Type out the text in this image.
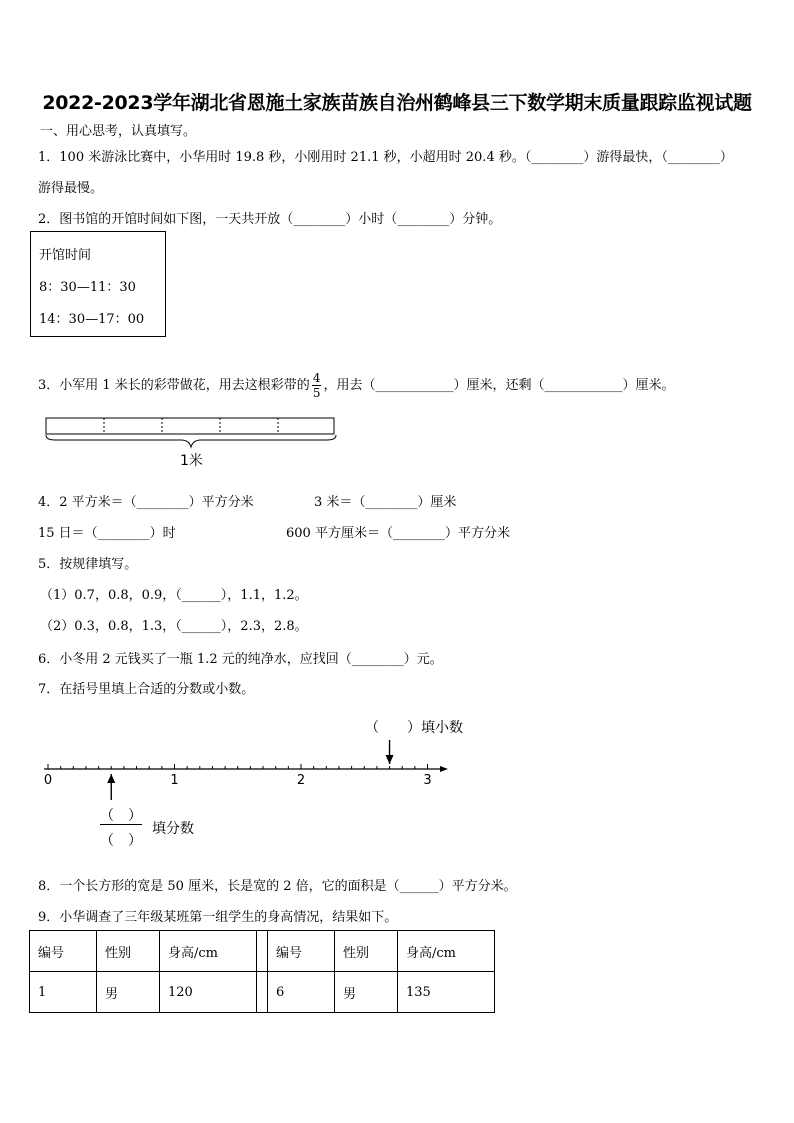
2022-2023学年湖北省恩施土家族苗族自治州鹤峰县三下数学期末质量跟踪监视试题
一、用心思考，认真填写。
1．100 米游泳比赛中，小华用时 19.8 秒，小刚用时 21.1 秒，小超用时 20.4 秒。（________）游得最快，（________）
游得最慢。
2．图书馆的开馆时间如下图，一天共开放（________）小时（________）分钟。
开馆时间
8：30—11：30
14：30—17：00
3．小军用 1 米长的彩带做花，用去这根彩带的 $\frac{4}{5}$ ，用去（____________）厘米，还剩（____________）厘米。
1米
4．2 平方米＝（________）平方分米	3 米＝（________）厘米
15 日＝（________）时	600 平方厘米＝（________）平方分米
5．按规律填写。
（1）0.7，0.8，0.9，（______），1.1，1.2。
（2）0.3，0.8，1.3，（______），2.3，2.8。
6．小冬用 2 元钱买了一瓶 1.2 元的纯净水，应找回（________）元。
7．在括号里填上合适的分数或小数。
（　　）填小数
0	1	2	3
（　）
（　）
填分数
8．一个长方形的宽是 50 厘米，长是宽的 2 倍，它的面积是（______）平方分米。
9．小华调查了三年级某班第一组学生的身高情况，结果如下。
编号	性别	身高/cm		编号	性别	身高/cm
1	男	120		6	男	135
